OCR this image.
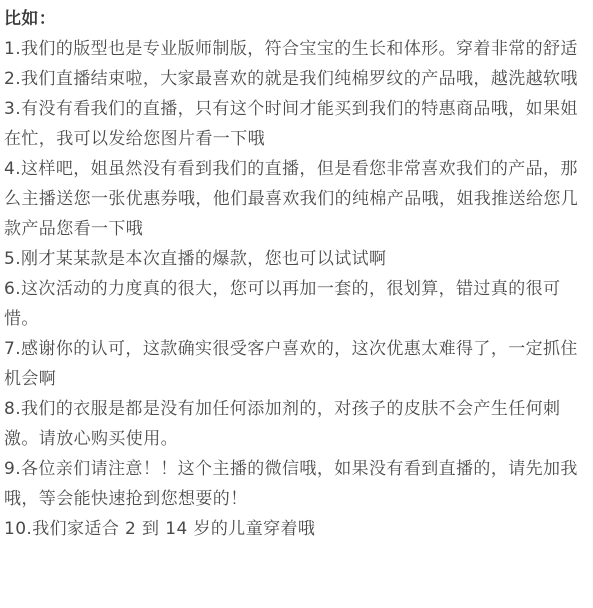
比如：

1.我们的版型也是专业版师制版，符合宝宝的生长和体形。穿着非常的舒适

2.我们直播结束啦，大家最喜欢的就是我们纯棉罗纹的产品哦，越洗越软哦

3.有没有看我们的直播，只有这个时间才能买到我们的特惠商品哦，如果姐在忙，我可以发给您图片看一下哦

4.这样吧，姐虽然没有看到我们的直播，但是看您非常喜欢我们的产品，那么主播送您一张优惠券哦，他们最喜欢我们的纯棉产品哦，姐我推送给您几款产品您看一下哦

5.刚才某某款是本次直播的爆款，您也可以试试啊

6.这次活动的力度真的很大，您可以再加一套的，很划算，错过真的很可惜。

7.感谢你的认可，这款确实很受客户喜欢的，这次优惠太难得了，一定抓住机会啊

8.我们的衣服是都是没有加任何添加剂的，对孩子的皮肤不会产生任何刺激。请放心购买使用。

9.各位亲们请注意！！这个主播的微信哦，如果没有看到直播的，请先加我哦，等会能快速抢到您想要的！

10.我们家适合 2 到 14 岁的儿童穿着哦
